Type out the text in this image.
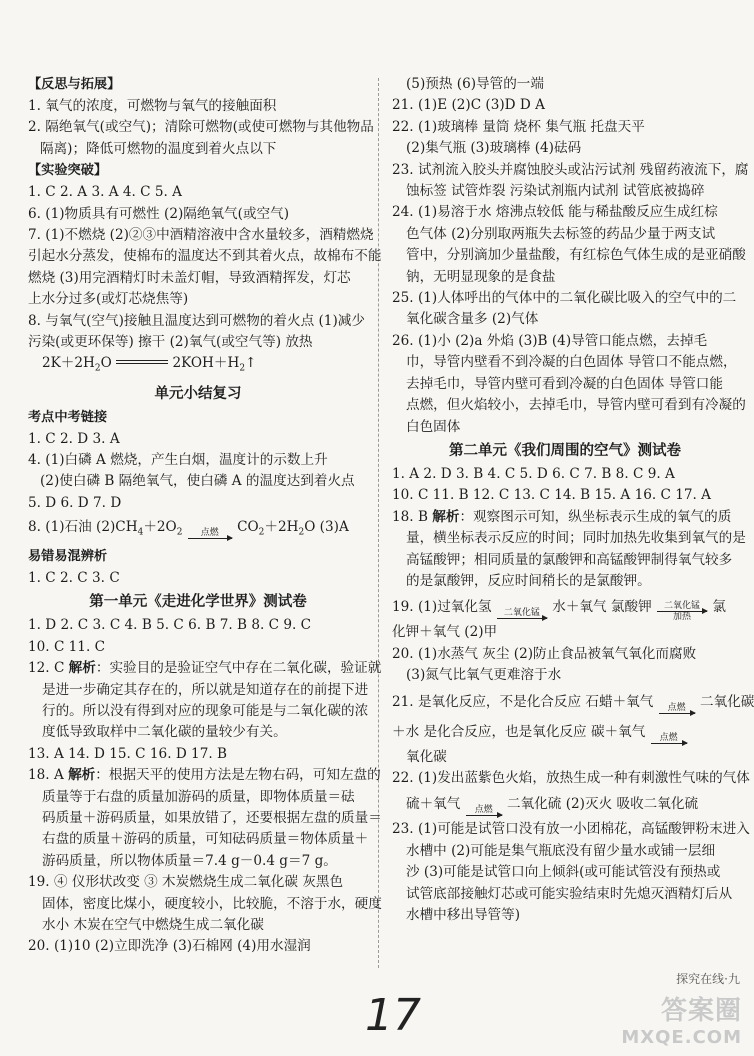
【反思与拓展】
1. 氧气的浓度，可燃物与氧气的接触面积
2. 隔绝氧气(或空气)；清除可燃物(或使可燃物与其他物品
隔离)；降低可燃物的温度到着火点以下
【实验突破】
1. C 2. A 3. A 4. C 5. A
6. (1)物质具有可燃性 (2)隔绝氧气(或空气)
7. (1)不燃烧 (2)②③中酒精溶液中含水量较多，酒精燃烧
引起水分蒸发，使棉布的温度达不到其着火点，故棉布不能
燃烧 (3)用完酒精灯时未盖灯帽，导致酒精挥发，灯芯
上水分过多(或灯芯烧焦等)
8. 与氧气(空气)接触且温度达到可燃物的着火点 (1)减少
污染(或更环保等) 擦干 (2)氧气(或空气等) 放热
$2K+2H_2O$	$2KOH+H_2↑$
单元小结复习
考点中考链接
1. C 2. D 3. A
4. (1)白磷 A 燃烧，产生白烟，温度计的示数上升
(2)使白磷 B 隔绝氧气，使白磷 A 的温度达到着火点
5. D 6. D 7. D
8. (1)石油 $(2)CH_4+2O_2$	点燃	$CO_2+2H_2O$ (3)A
易错易混辨析
1. C 2. C 3. C
第一单元《走进化学世界》测试卷
1. D 2. C 3. C 4. B 5. C 6. B 7. B 8. C 9. C
10. C 11. C
12. C 解析：实验目的是验证空气中存在二氧化碳，验证就
是进一步确定其存在的，所以就是知道存在的前提下进
行的。所以没有得到对应的现象可能是与二氧化碳的浓
度低导致取样中二氧化碳的量较少有关。
13. A 14. D 15. C 16. D 17. B
18. A 解析：根据天平的使用方法是左物右码，可知左盘的
质量等于右盘的质量加游码的质量，即物体质量＝砝
码质量＋游码质量，如果放错了，还要根据左盘的质量＝
右盘的质量＋游码的质量，可知砝码质量＝物体质量＋
游码质量，所以物体质量＝7.4 g－0.4 g＝7 g。
19. ④ 仪形状改变 ③ 木炭燃烧生成二氧化碳 灰黑色
固体，密度比煤小，硬度较小，比较脆，不溶于水，硬度
水小 木炭在空气中燃烧生成二氧化碳
20. (1)10 (2)立即洗净 (3)石棉网 (4)用水湿润
(5)预热 (6)导管的一端
21. (1)E (2)C (3)D D A
22. (1)玻璃棒 量筒 烧杯 集气瓶 托盘天平
(2)集气瓶 (3)玻璃棒 (4)砝码
23. 试剂流入胶头并腐蚀胶头或沾污试剂 残留药液流下，腐
蚀标签 试管炸裂 污染试剂瓶内试剂 试管底被捣碎
24. (1)易溶于水 熔沸点较低 能与稀盐酸反应生成红棕
色气体 (2)分别取两瓶失去标签的药品少量于两支试
管中，分别滴加少量盐酸，有红棕色气体生成的是亚硝酸
钠，无明显现象的是食盐
25. (1)人体呼出的气体中的二氧化碳比吸入的空气中的二
氧化碳含量多 (2)气体
26. (1)小 (2)a 外焰 (3)B (4)导管口能点燃，去掉毛
巾，导管内壁看不到冷凝的白色固体 导管口不能点燃，
去掉毛巾，导管内壁可看到冷凝的白色固体 导管口能
点燃，但火焰较小，去掉毛巾，导管内壁可看到有冷凝的
白色固体
第二单元《我们周围的空气》测试卷
1. A 2. D 3. B 4. C 5. D 6. C 7. B 8. C 9. A
10. C 11. B 12. C 13. C 14. B 15. A 16. C 17. A
18. B 解析：观察图示可知，纵坐标表示生成的氧气的质
量，横坐标表示反应的时间；同时加热先收集到氧气的是
高锰酸钾；相同质量的氯酸钾和高锰酸钾制得氧气较多
的是氯酸钾，反应时间稍长的是氯酸钾。
19. (1)过氧化氢	二氧化锰 水＋氧气 氯酸钾	二氧化锰
加热
氯
化钾＋氧气 (2)甲
20. (1)水蒸气 灰尘 (2)防止食品被氧气氧化而腐败
(3)氮气比氧气更难溶于水
21. 是氧化反应，不是化合反应 石蜡＋氧气	点燃	二氧化碳
＋水 是化合反应，也是氧化反应 碳＋氧气	点燃
氧化碳
22. (1)发出蓝紫色火焰，放热生成一种有刺激性气味的气体
硫＋氧气	点燃	二氧化硫 (2)灭火 吸收二氧化硫
23. (1)可能是试管口没有放一小团棉花，高锰酸钾粉末进入
水槽中 (2)可能是集气瓶底没有留少量水或铺一层细
沙 (3)可能是试管口向上倾斜(或可能试管没有预热或
试管底部接触灯芯或可能实验结束时先熄灭酒精灯后从
水槽中移出导管等)
探究在线·九
17	答案圈
MXQE.COM
